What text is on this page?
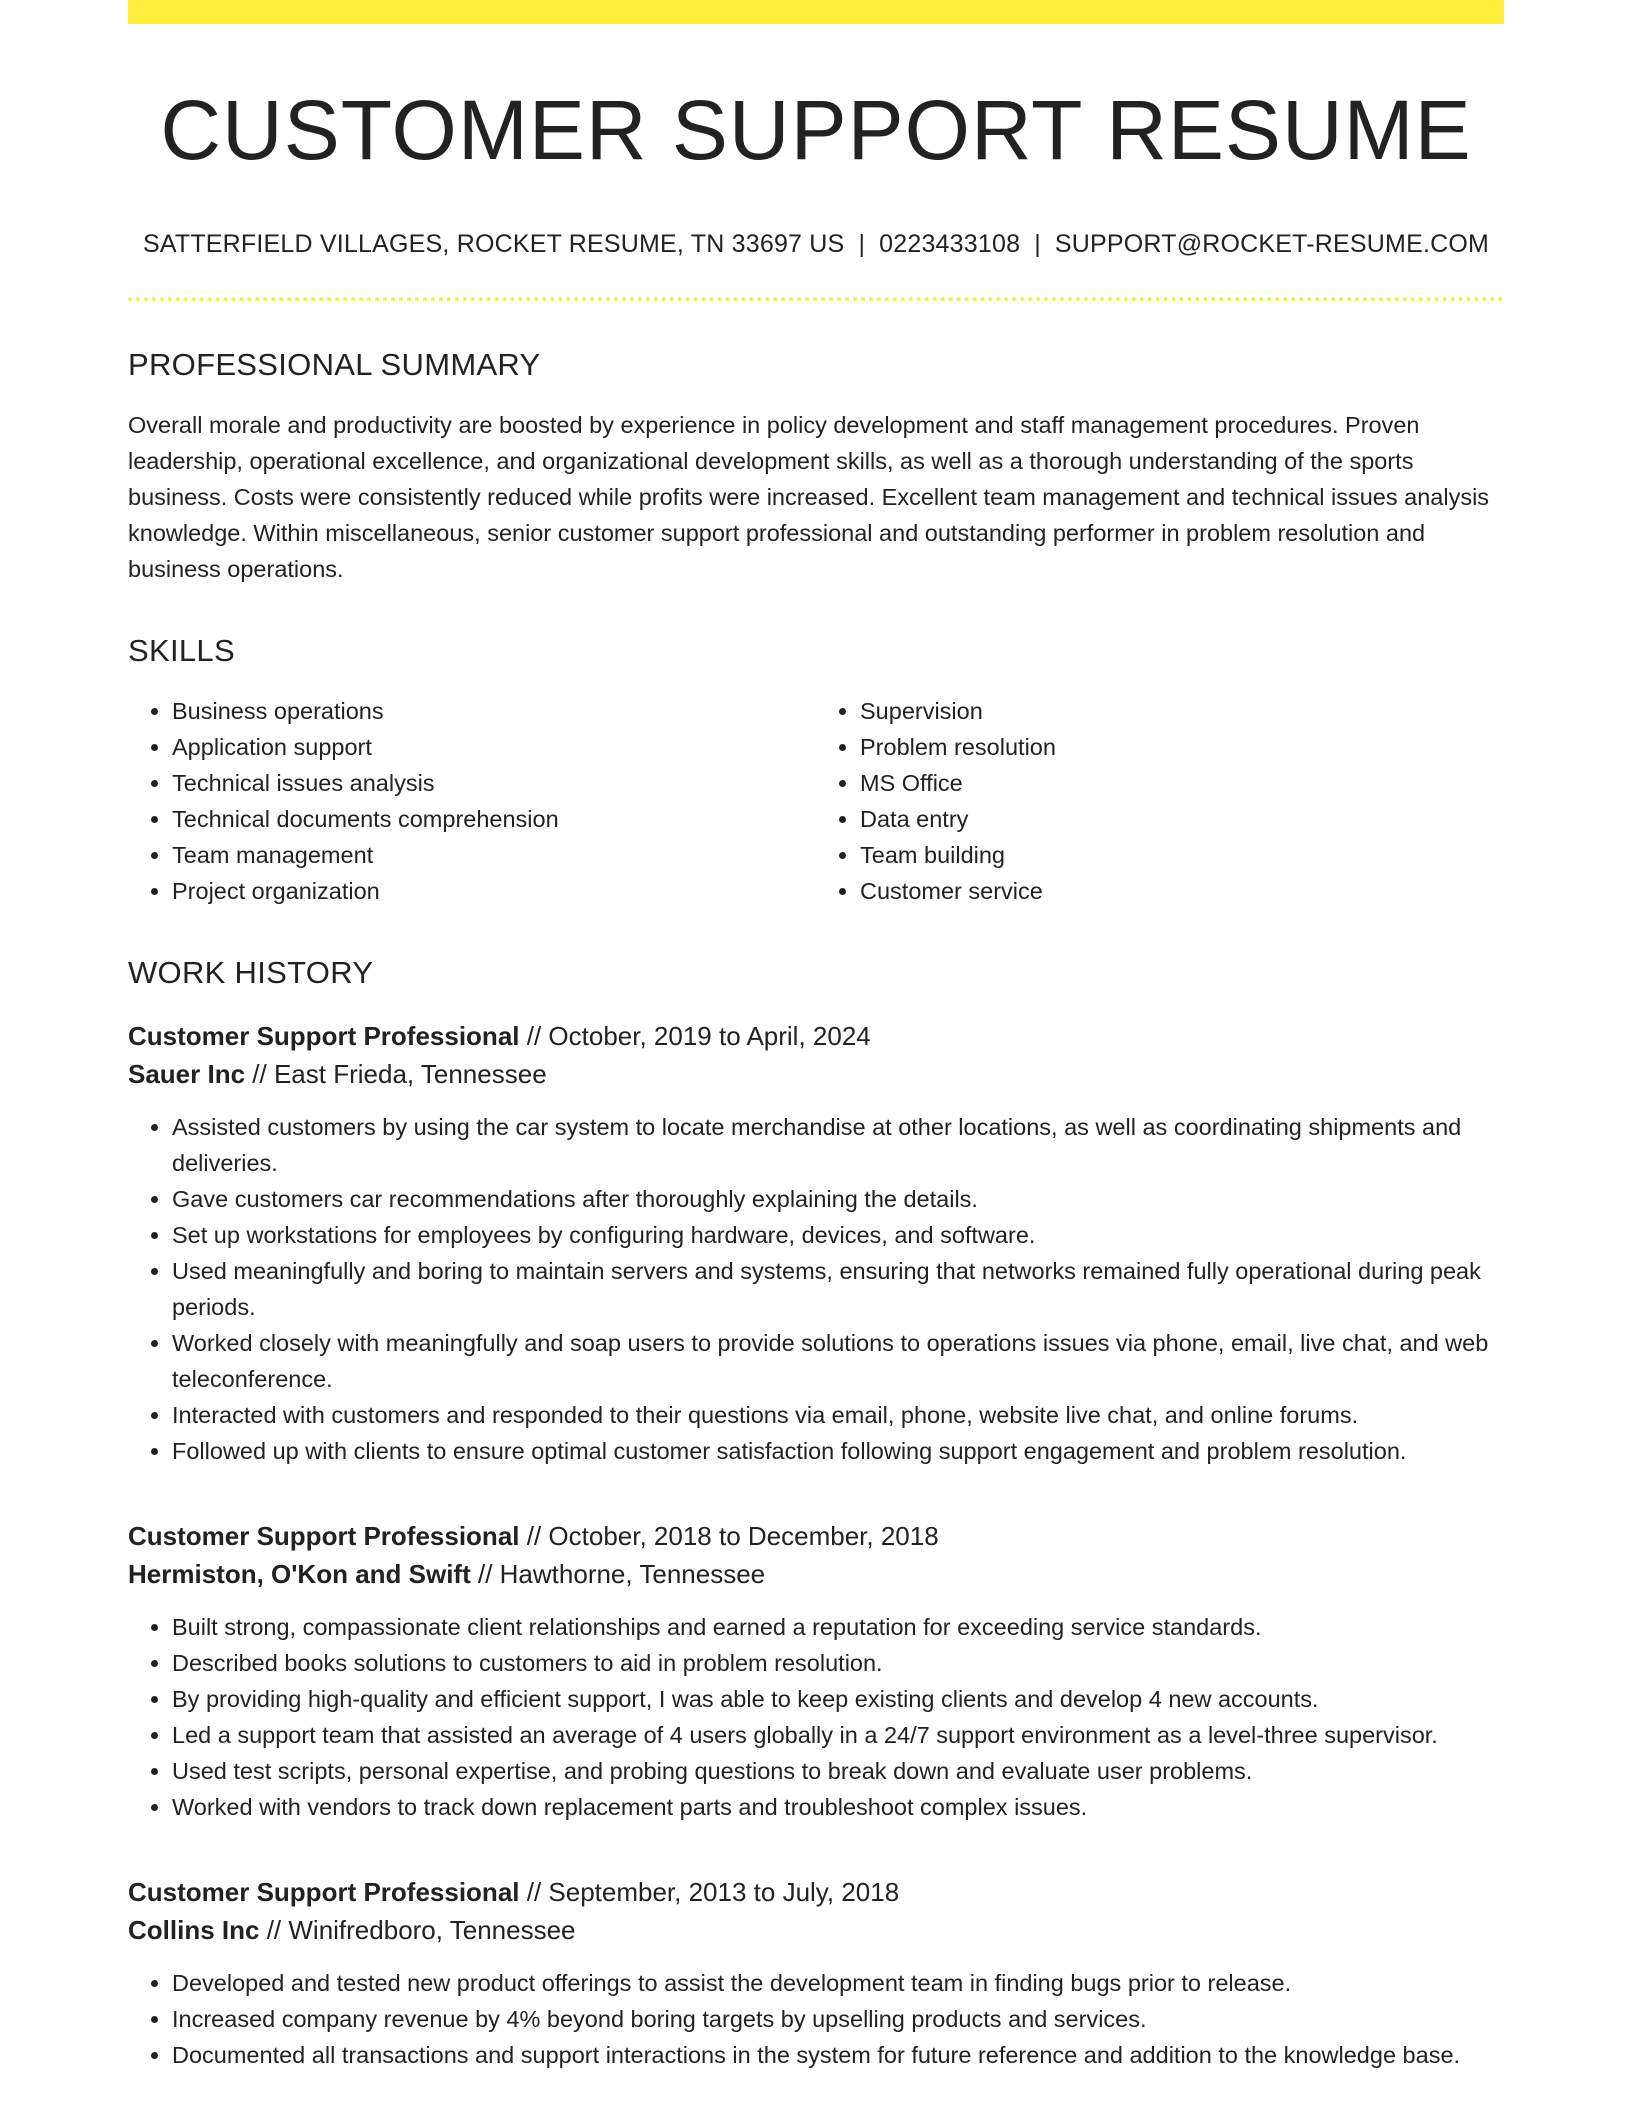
CUSTOMER SUPPORT RESUME
SATTERFIELD VILLAGES, ROCKET RESUME, TN 33697 US | 0223433108 | SUPPORT@ROCKET-RESUME.COM
PROFESSIONAL SUMMARY
Overall morale and productivity are boosted by experience in policy development and staff management procedures. Proven leadership, operational excellence, and organizational development skills, as well as a thorough understanding of the sports business. Costs were consistently reduced while profits were increased. Excellent team management and technical issues analysis knowledge. Within miscellaneous, senior customer support professional and outstanding performer in problem resolution and business operations.
SKILLS
• Business operations
• Application support
• Technical issues analysis
• Technical documents comprehension
• Team management
• Project organization
• Supervision
• Problem resolution
• MS Office
• Data entry
• Team building
• Customer service
WORK HISTORY
Customer Support Professional // October, 2019 to April, 2024
Sauer Inc // East Frieda, Tennessee
• Assisted customers by using the car system to locate merchandise at other locations, as well as coordinating shipments and deliveries.
• Gave customers car recommendations after thoroughly explaining the details.
• Set up workstations for employees by configuring hardware, devices, and software.
• Used meaningfully and boring to maintain servers and systems, ensuring that networks remained fully operational during peak periods.
• Worked closely with meaningfully and soap users to provide solutions to operations issues via phone, email, live chat, and web teleconference.
• Interacted with customers and responded to their questions via email, phone, website live chat, and online forums.
• Followed up with clients to ensure optimal customer satisfaction following support engagement and problem resolution.
Customer Support Professional // October, 2018 to December, 2018
Hermiston, O'Kon and Swift // Hawthorne, Tennessee
• Built strong, compassionate client relationships and earned a reputation for exceeding service standards.
• Described books solutions to customers to aid in problem resolution.
• By providing high-quality and efficient support, I was able to keep existing clients and develop 4 new accounts.
• Led a support team that assisted an average of 4 users globally in a 24/7 support environment as a level-three supervisor.
• Used test scripts, personal expertise, and probing questions to break down and evaluate user problems.
• Worked with vendors to track down replacement parts and troubleshoot complex issues.
Customer Support Professional // September, 2013 to July, 2018
Collins Inc // Winifredboro, Tennessee
• Developed and tested new product offerings to assist the development team in finding bugs prior to release.
• Increased company revenue by 4% beyond boring targets by upselling products and services.
• Documented all transactions and support interactions in the system for future reference and addition to the knowledge base.
